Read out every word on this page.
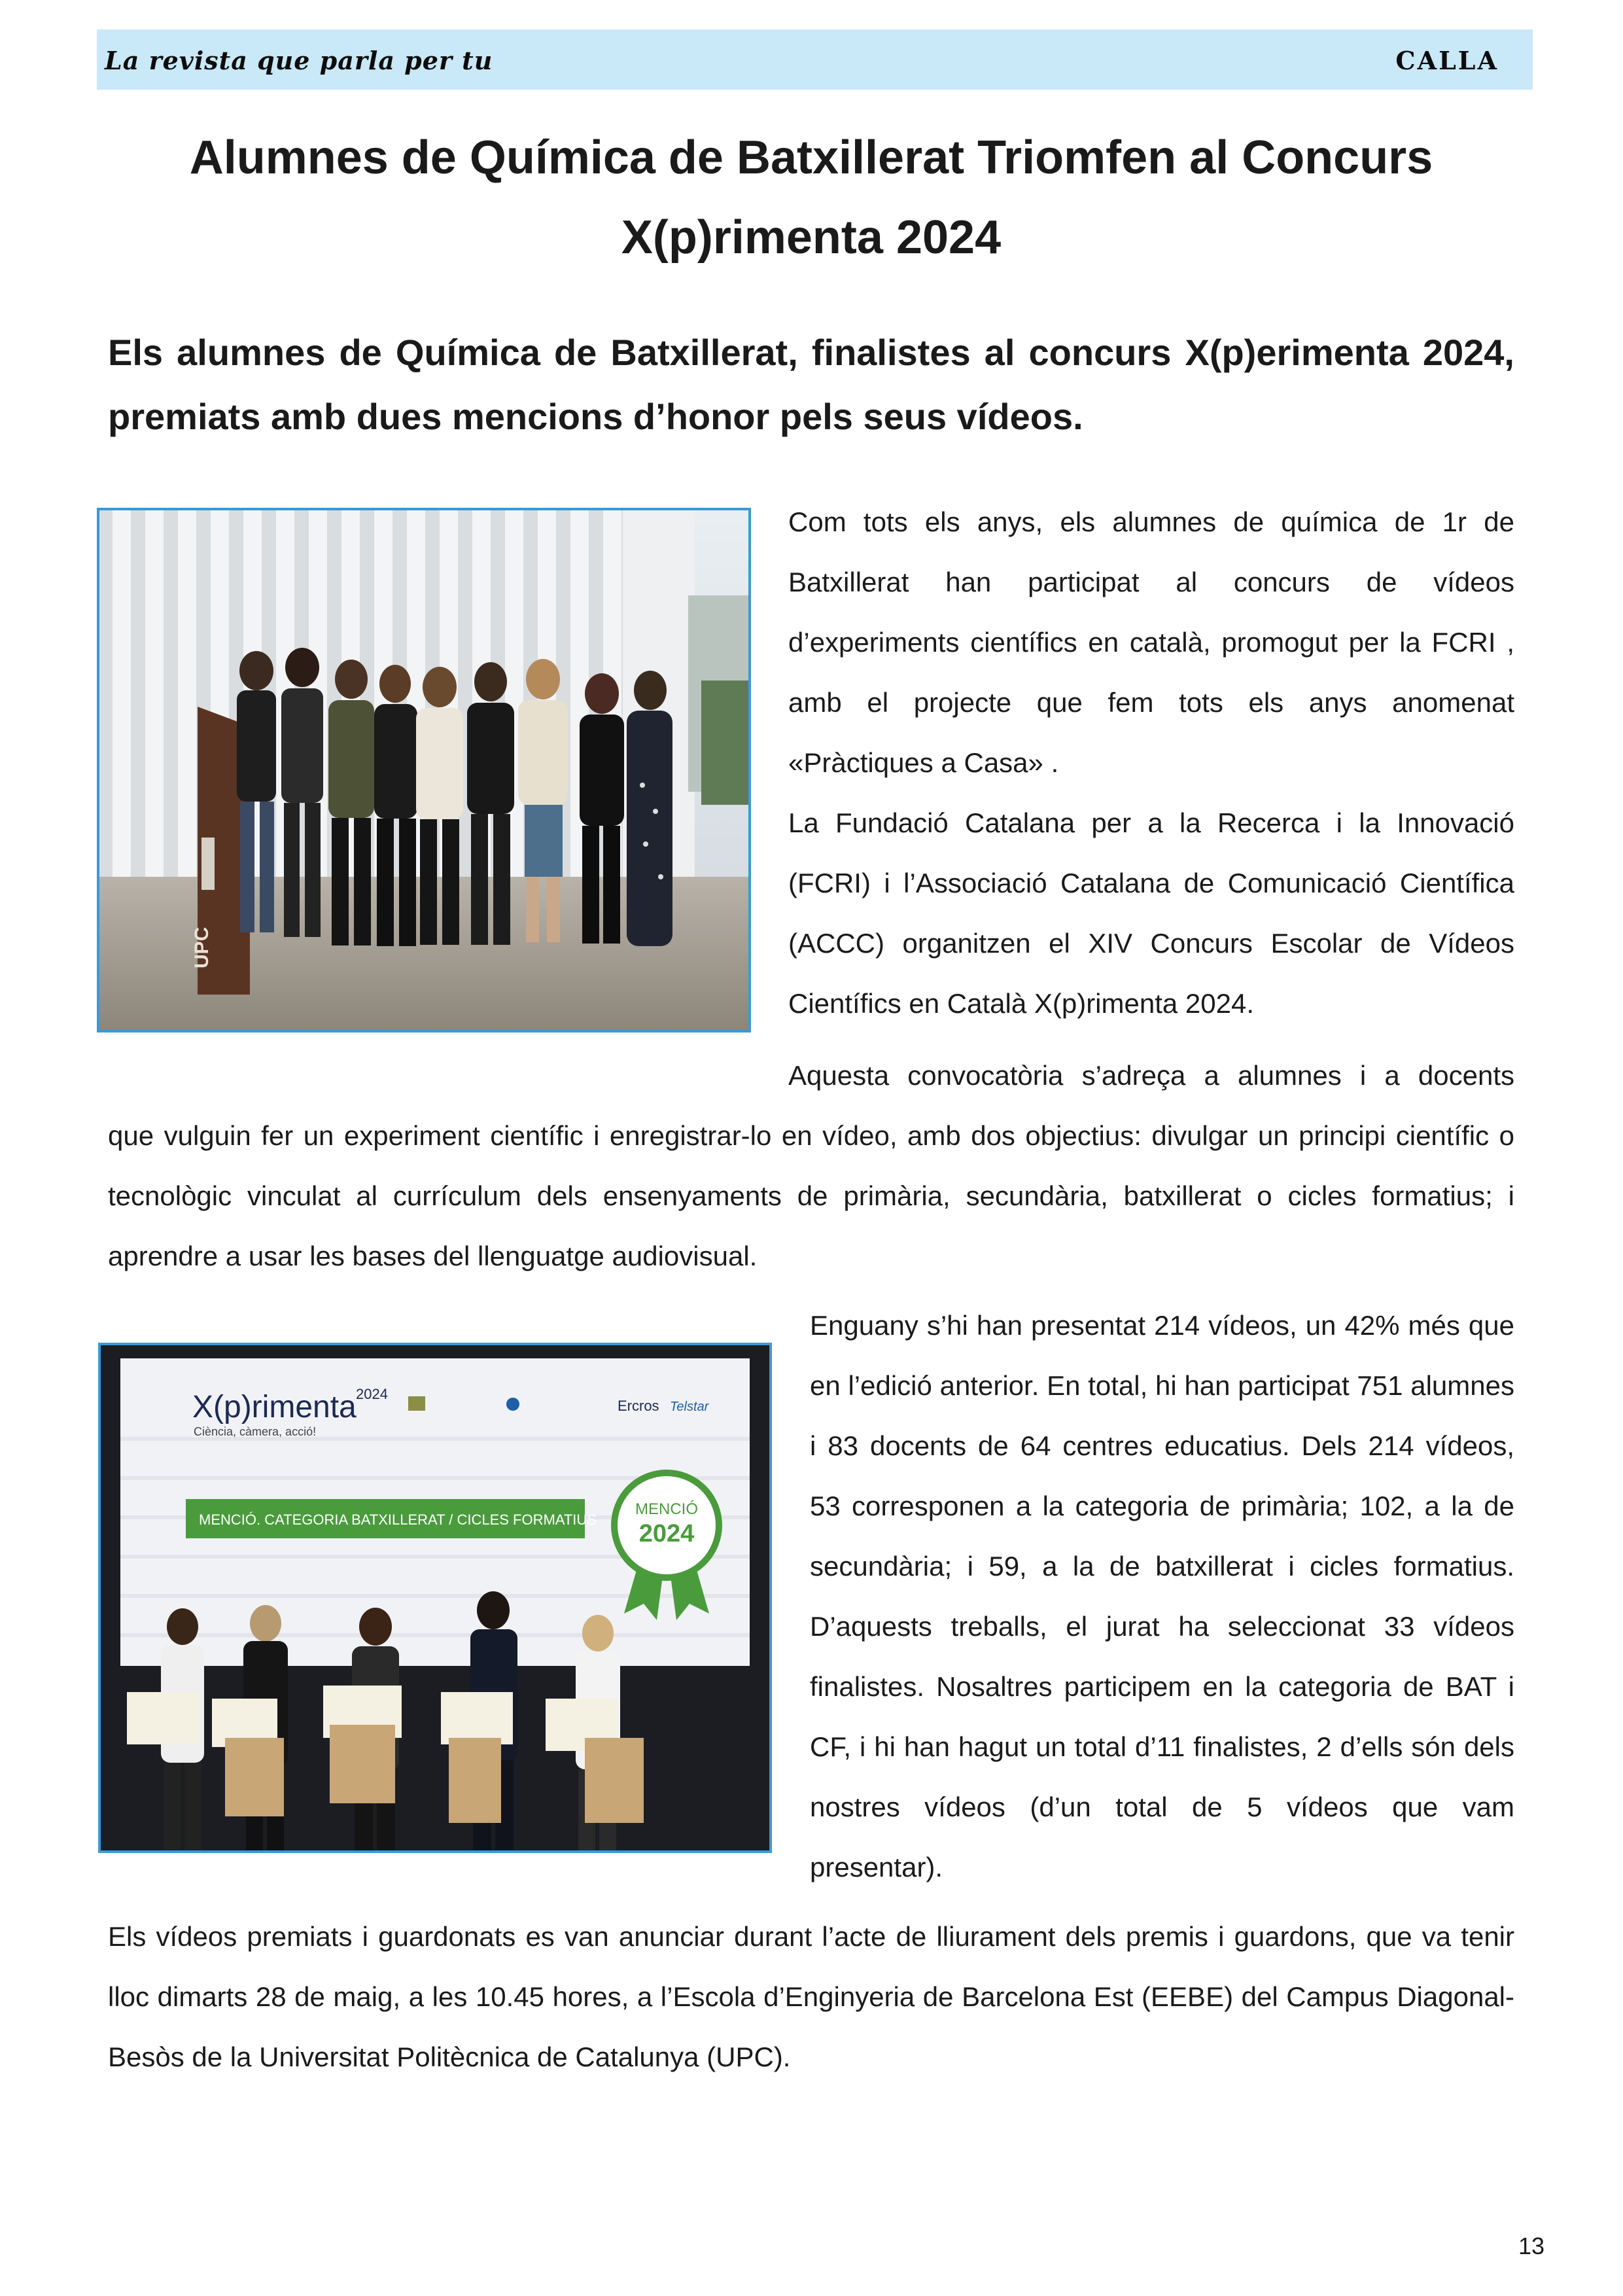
La revista que parla per tu	CALLA
Alumnes de Química de Batxillerat Triomfen al Concurs X(p)rimenta 2024

Els alumnes de Química de Batxillerat, finalistes al concurs X(p)erimenta 2024, premiats amb dues mencions d’honor pels seus vídeos.

UPC

Com tots els anys, els alumnes de química de 1r de Batxillerat han participat al concurs de vídeos d’experiments científics en català, promogut per la FCRI , amb el projecte que fem tots els anys anomenat «Pràctiques a Casa» .

La Fundació Catalana per a la Recerca i la Innovació (FCRI) i l’Associació Catalana de Comunicació Científica (ACCC) organitzen el XIV Concurs Escolar de Vídeos Científics en Català X(p)rimenta 2024.

Aquesta convocatòria s’adreça a alumnes i a docents

que vulguin fer un experiment científic i enregistrar-lo en vídeo, amb dos objectius: divulgar un principi científic o tecnològic vinculat al currículum dels ensenyaments de primària, secundària, batxillerat o cicles formatius; i aprendre a usar les bases del llenguatge audiovisual.

X(p)rimenta 2024
Ciència, càmera, acció!
Ercros Telstar
MENCIÓ. CATEGORIA BATXILLERAT / CICLES FORMATIUS
MENCIÓ
2024

Enguany s’hi han presentat 214 vídeos, un 42% més que en l’edició anterior. En total, hi han participat 751 alumnes i 83 docents de 64 centres educatius. Dels 214 vídeos, 53 corresponen a la categoria de primària; 102, a la de secundària; i 59, a la de batxillerat i cicles formatius. D’aquests treballs, el jurat ha seleccionat 33 vídeos finalistes. Nosaltres participem en la categoria de BAT i CF, i hi han hagut un total d’11 finalistes, 2 d’ells són dels nostres vídeos (d’un total de 5 vídeos que vam presentar).

Els vídeos premiats i guardonats es van anunciar durant l’acte de lliurament dels premis i guardons, que va tenir lloc dimarts 28 de maig, a les 10.45 hores, a l’Escola d’Enginyeria de Barcelona Est (EEBE) del Campus Diagonal-Besòs de la Universitat Politècnica de Catalunya (UPC).

13
